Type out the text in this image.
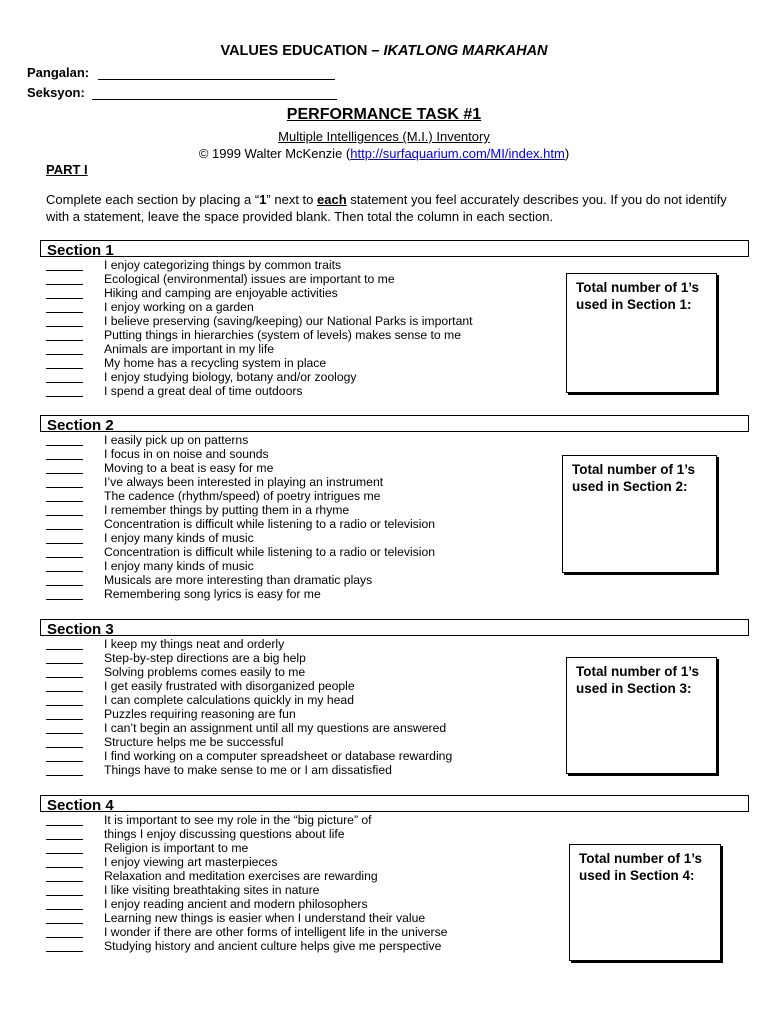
VALUES EDUCATION – IKATLONG MARKAHAN
Pangalan:
Seksyon:
PERFORMANCE TASK #1
Multiple Intelligences (M.I.) Inventory
© 1999 Walter McKenzie (http://surfaquarium.com/MI/index.htm)
PART I
Complete each section by placing a “1” next to each statement you feel accurately describes you. If you do not identify with a statement, leave the space provided blank. Then total the column in each section.
Section 1
I enjoy categorizing things by common traits
Ecological (environmental) issues are important to me
Hiking and camping are enjoyable activities
I enjoy working on a garden
I believe preserving (saving/keeping) our National Parks is important
Putting things in hierarchies (system of levels) makes sense to me
Animals are important in my life
My home has a recycling system in place
I enjoy studying biology, botany and/or zoology
I spend a great deal of time outdoors
Total number of 1’s
used in Section 1:
Section 2
I easily pick up on patterns
I focus in on noise and sounds
Moving to a beat is easy for me
I’ve always been interested in playing an instrument
The cadence (rhythm/speed) of poetry intrigues me
I remember things by putting them in a rhyme
Concentration is difficult while listening to a radio or television
I enjoy many kinds of music
Concentration is difficult while listening to a radio or television
I enjoy many kinds of music
Musicals are more interesting than dramatic plays
Remembering song lyrics is easy for me
Total number of 1’s
used in Section 2:
Section 3
I keep my things neat and orderly
Step-by-step directions are a big help
Solving problems comes easily to me
I get easily frustrated with disorganized people
I can complete calculations quickly in my head
Puzzles requiring reasoning are fun
I can’t begin an assignment until all my questions are answered
Structure helps me be successful
I find working on a computer spreadsheet or database rewarding
Things have to make sense to me or I am dissatisfied
Total number of 1’s
used in Section 3:
Section 4
It is important to see my role in the “big picture” of
things I enjoy discussing questions about life
Religion is important to me
I enjoy viewing art masterpieces
Relaxation and meditation exercises are rewarding
I like visiting breathtaking sites in nature
I enjoy reading ancient and modern philosophers
Learning new things is easier when I understand their value
I wonder if there are other forms of intelligent life in the universe
Studying history and ancient culture helps give me perspective
Total number of 1’s
used in Section 4:
